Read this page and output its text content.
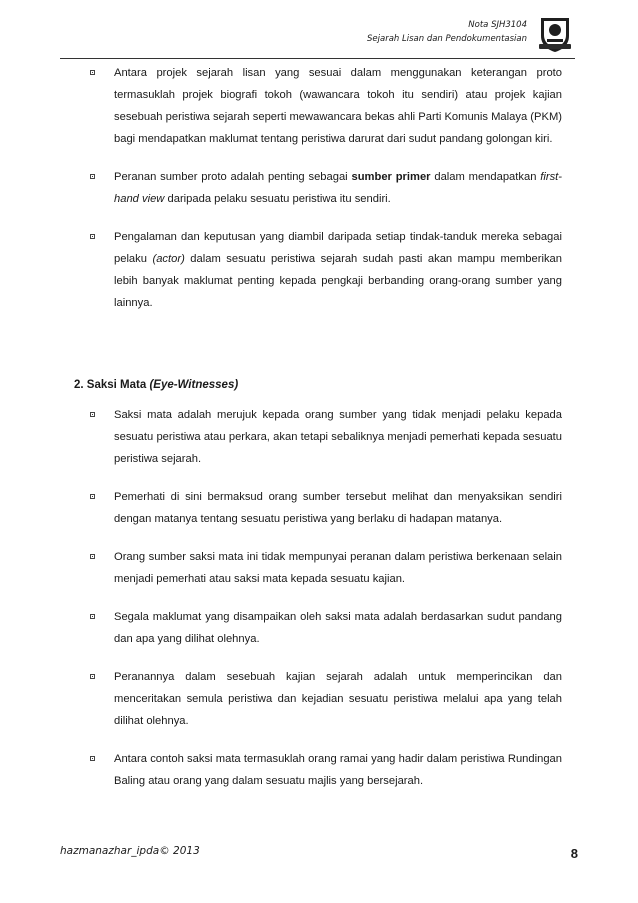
Nota SJH3104
Sejarah Lisan dan Pendokumentasian
Antara projek sejarah lisan yang sesuai dalam menggunakan keterangan proto termasuklah projek biografi tokoh (wawancara tokoh itu sendiri) atau projek kajian sesebuah peristiwa sejarah seperti mewawancara bekas ahli Parti Komunis Malaya (PKM) bagi mendapatkan maklumat tentang peristiwa darurat dari sudut pandang golongan kiri.
Peranan sumber proto adalah penting sebagai sumber primer dalam mendapatkan first-hand view daripada pelaku sesuatu peristiwa itu sendiri.
Pengalaman dan keputusan yang diambil daripada setiap tindak-tanduk mereka sebagai pelaku (actor) dalam sesuatu peristiwa sejarah sudah pasti akan mampu memberikan lebih banyak maklumat penting kepada pengkaji berbanding orang-orang sumber yang lainnya.
2. Saksi Mata (Eye-Witnesses)
Saksi mata adalah merujuk kepada orang sumber yang tidak menjadi pelaku kepada sesuatu peristiwa atau perkara, akan tetapi sebaliknya menjadi pemerhati kepada sesuatu peristiwa sejarah.
Pemerhati di sini bermaksud orang sumber tersebut melihat dan menyaksikan sendiri dengan matanya tentang sesuatu peristiwa yang berlaku di hadapan matanya.
Orang sumber saksi mata ini tidak mempunyai peranan dalam peristiwa berkenaan selain menjadi pemerhati atau saksi mata kepada sesuatu kajian.
Segala maklumat yang disampaikan oleh saksi mata adalah berdasarkan sudut pandang dan apa yang dilihat olehnya.
Peranannya dalam sesebuah kajian sejarah adalah untuk memperincikan dan menceritakan semula peristiwa dan kejadian sesuatu peristiwa melalui apa yang telah dilihat olehnya.
Antara contoh saksi mata termasuklah orang ramai yang hadir dalam peristiwa Rundingan Baling atau orang yang dalam sesuatu majlis yang bersejarah.
hazmanazhar_ipda© 2013	8
